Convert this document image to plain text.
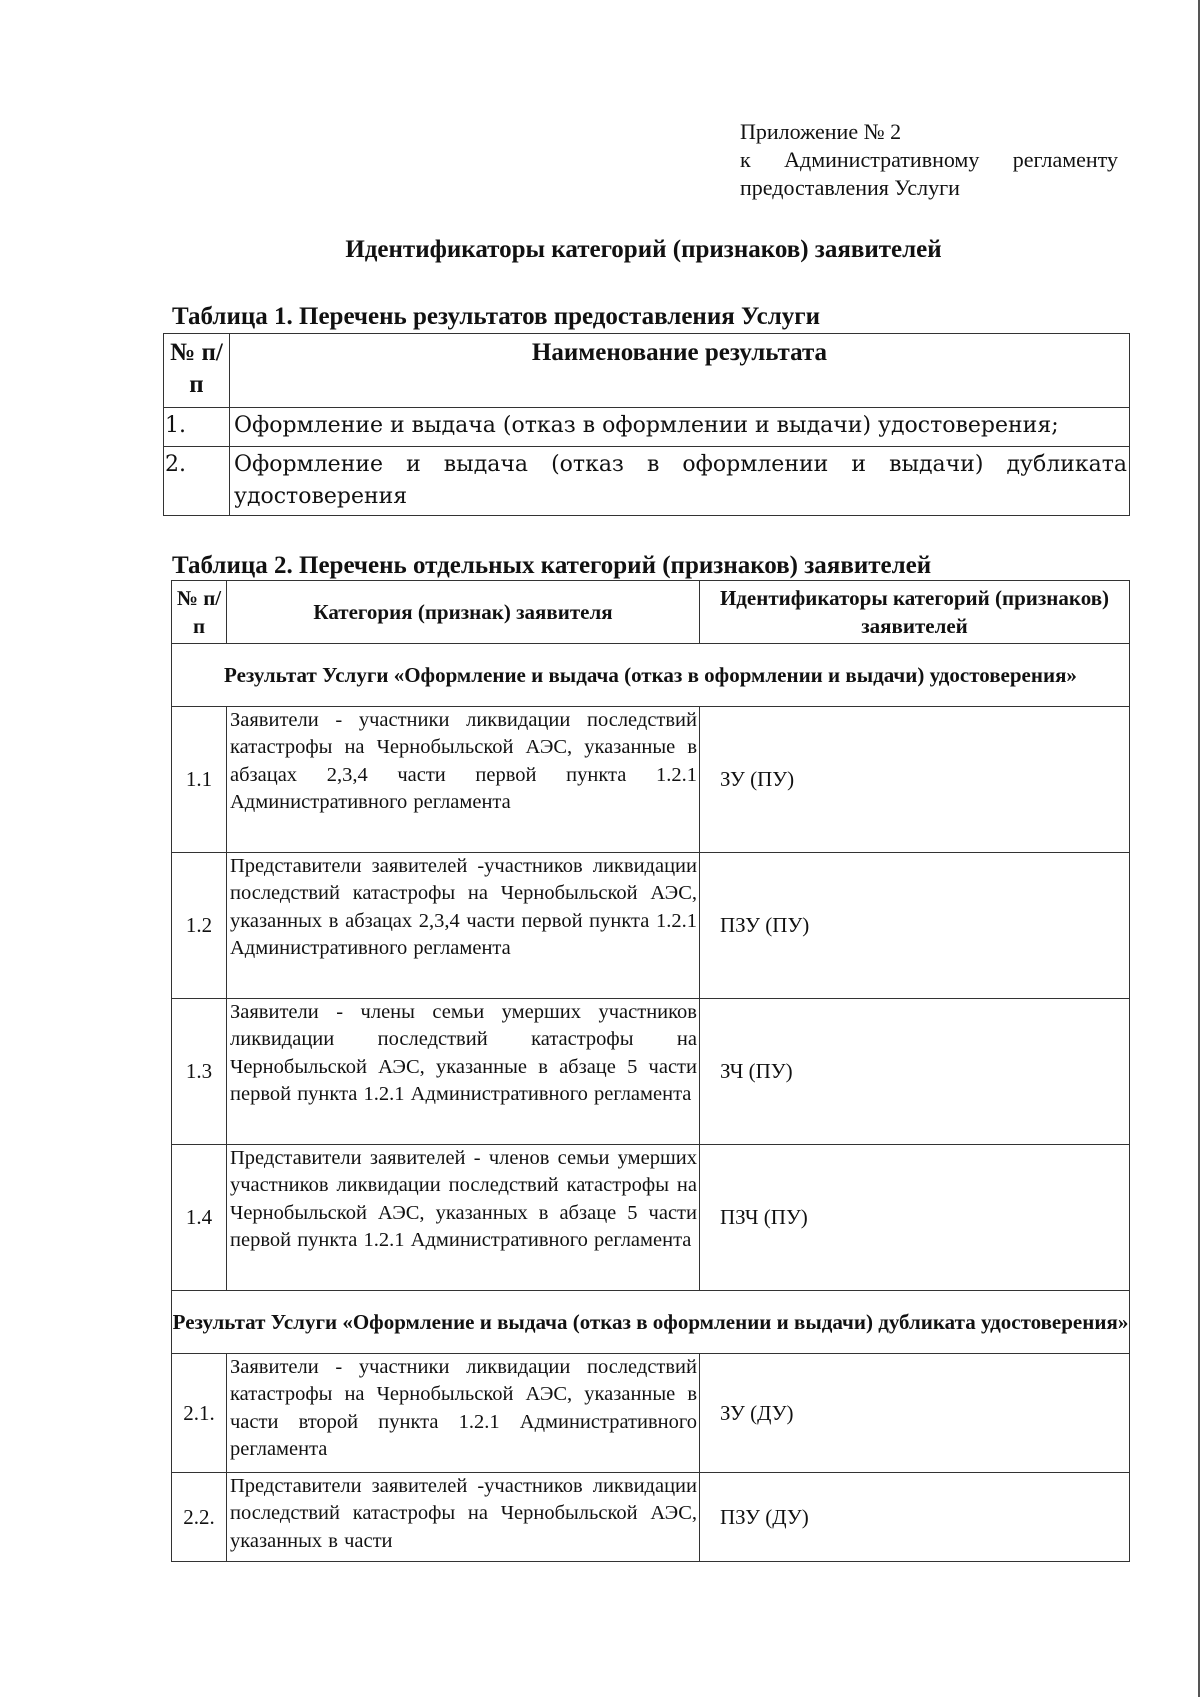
Приложение № 2
к Административному регламенту
предоставления Услуги
Идентификаторы категорий (признаков) заявителей
Таблица 1. Перечень результатов предоставления Услуги
№ п/п	Наименование результата
1.	Оформление и выдача (отказ в оформлении и выдачи) удостоверения;
2.	Оформление и выдача (отказ в оформлении и выдачи) дубликата удостоверения
Таблица 2. Перечень отдельных категорий (признаков) заявителей
№ п/п	Категория (признак) заявителя	Идентификаторы категорий (признаков) заявителей
Результат Услуги «Оформление и выдача (отказ в оформлении и выдачи) удостоверения»		
1.1	Заявители - участники ликвидации последствий катастрофы на Чернобыльской АЭС, указанные в абзацах 2,3,4 части первой пункта 1.2.1 Административного регламента	ЗУ (ПУ)
1.2	Представители заявителей -участников ликвидации последствий катастрофы на Чернобыльской АЭС, указанных в абзацах 2,3,4 части первой пункта 1.2.1 Административного регламента	ПЗУ (ПУ)
1.3	Заявители - члены семьи умерших участников ликвидации последствий катастрофы на Чернобыльской АЭС, указанные в абзаце 5 части первой пункта 1.2.1 Административного регламента	ЗЧ (ПУ)
1.4	Представители заявителей - членов семьи умерших участников ликвидации последствий катастрофы на Чернобыльской АЭС, указанных в абзаце 5 части первой пункта 1.2.1 Административного регламента	ПЗЧ (ПУ)
Результат Услуги «Оформление и выдача (отказ в оформлении и выдачи) дубликата удостоверения»		
2.1.	Заявители - участники ликвидации последствий катастрофы на Чернобыльской АЭС, указанные в части второй пункта 1.2.1 Административного регламента	ЗУ (ДУ)
2.2.	Представители заявителей -участников ликвидации последствий катастрофы на Чернобыльской АЭС, указанных в части	ПЗУ (ДУ)
